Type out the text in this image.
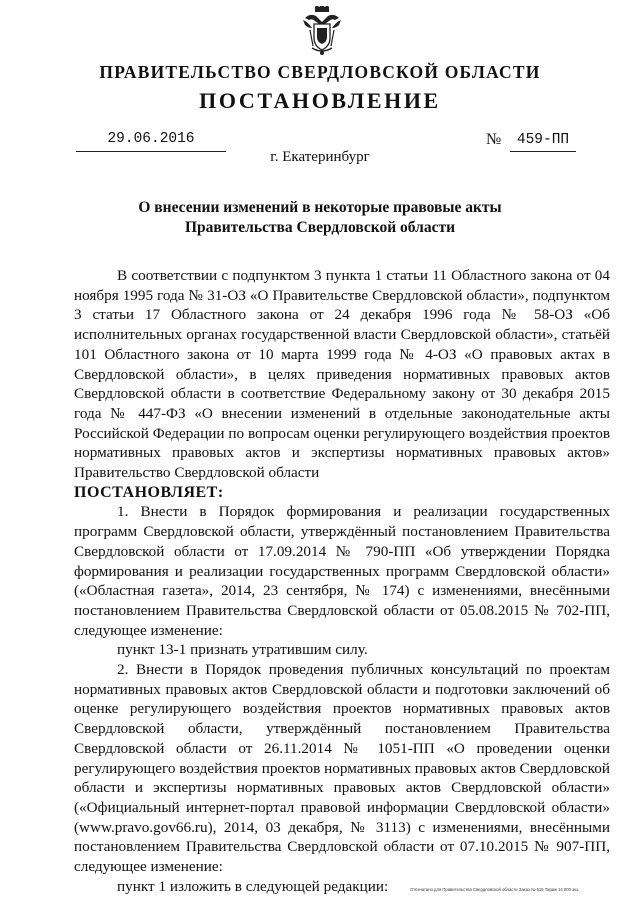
ПРАВИТЕЛЬСТВО СВЕРДЛОВСКОЙ ОБЛАСТИ
ПОСТАНОВЛЕНИЕ
29.06.2016	№	459-ПП
г. Екатеринбург
О внесении изменений в некоторые правовые акты
Правительства Свердловской области

В соответствии с подпунктом 3 пункта 1 статьи 11 Областного закона от 04 ноября 1995 года № 31-ОЗ «О Правительстве Свердловской области», подпунктом 3 статьи 17 Областного закона от 24 декабря 1996 года № 58-ОЗ «Об исполнительных органах государственной власти Свердловской области», статьёй 101 Областного закона от 10 марта 1999 года № 4-ОЗ «О правовых актах в Свердловской области», в целях приведения нормативных правовых актов Свердловской области в соответствие Федеральному закону от 30 декабря 2015 года № 447-ФЗ «О внесении изменений в отдельные законодательные акты Российской Федерации по вопросам оценки регулирующего воздействия проектов нормативных правовых актов и экспертизы нормативных правовых актов» Правительство Свердловской области

ПОСТАНОВЛЯЕТ:

1. Внести в Порядок формирования и реализации государственных программ Свердловской области, утверждённый постановлением Правительства Свердловской области от 17.09.2014 № 790-ПП «Об утверждении Порядка формирования и реализации государственных программ Свердловской области» («Областная газета», 2014, 23 сентября, № 174) с изменениями, внесёнными постановлением Правительства Свердловской области от 05.08.2015 № 702-ПП, следующее изменение:

пункт 13-1 признать утратившим силу.

2. Внести в Порядок проведения публичных консультаций по проектам нормативных правовых актов Свердловской области и подготовки заключений об оценке регулирующего воздействия проектов нормативных правовых актов Свердловской области, утверждённый постановлением Правительства Свердловской области от 26.11.2014 № 1051-ПП «О проведении оценки регулирующего воздействия проектов нормативных правовых актов Свердловской области и экспертизы нормативных правовых актов Свердловской области» («Официальный интернет-портал правовой информации Свердловской области» (www.pravo.gov66.ru), 2014, 03 декабря, № 3113) с изменениями, внесёнными постановлением Правительства Свердловской области от 07.10.2015 № 907-ПП, следующее изменение:

пункт 1 изложить в следующей редакции:	Отпечатано для Правительства Свердловской области Заказ № 515 Тираж 14 000 экз.
